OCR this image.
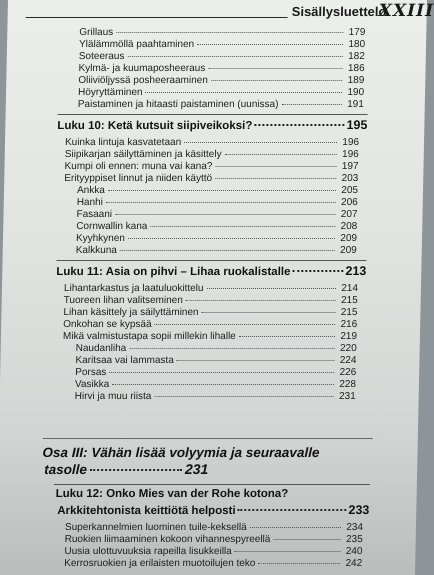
Sisällysluettelo
XXIII
Grillaus	179
Ylälämmöllä paahtaminen	180
Soteeraus	182
Kylmä- ja kuumaposheeraus	186
Oliiviöljyssä posheeraaminen	189
Höyryttäminen	190
Paistaminen ja hitaasti paistaminen (uunissa)	191
Luku 10: Ketä kutsuit siipiveikoksi?	195
Kuinka lintuja kasvatetaan	196
Siipikarjan säilyttäminen ja käsittely	196
Kumpi oli ennen: muna vai kana?	197
Erityyppiset linnut ja niiden käyttö	203
Ankka	205
Hanhi	206
Fasaani	207
Cornwallin kana	208
Kyyhkynen	209
Kalkkuna	209
Luku 11: Asia on pihvi – Lihaa ruokalistalle	213
Lihantarkastus ja laatuluokittelu	214
Tuoreen lihan valitseminen	215
Lihan käsittely ja säilyttäminen	215
Onkohan se kypsää	216
Mikä valmistustapa sopii millekin lihalle	219
Naudanliha	220
Karitsaa vai lammasta	224
Porsas	226
Vasikka	228
Hirvi ja muu riista	231
Osa III: Vähän lisää volyymia ja seuraavalle
tasolle	231
Luku 12: Onko Mies van der Rohe kotona?
Arkkitehtonista keittiötä helposti	233
Superkannelmien luominen tuile-keksellä	234
Ruokien liimaaminen kokoon vihannespyreellä	235
Uusia ulottuvuuksia rapeilla lisukkeilla	240
Kerrosruokien ja erilaisten muotoilujen teko	242
